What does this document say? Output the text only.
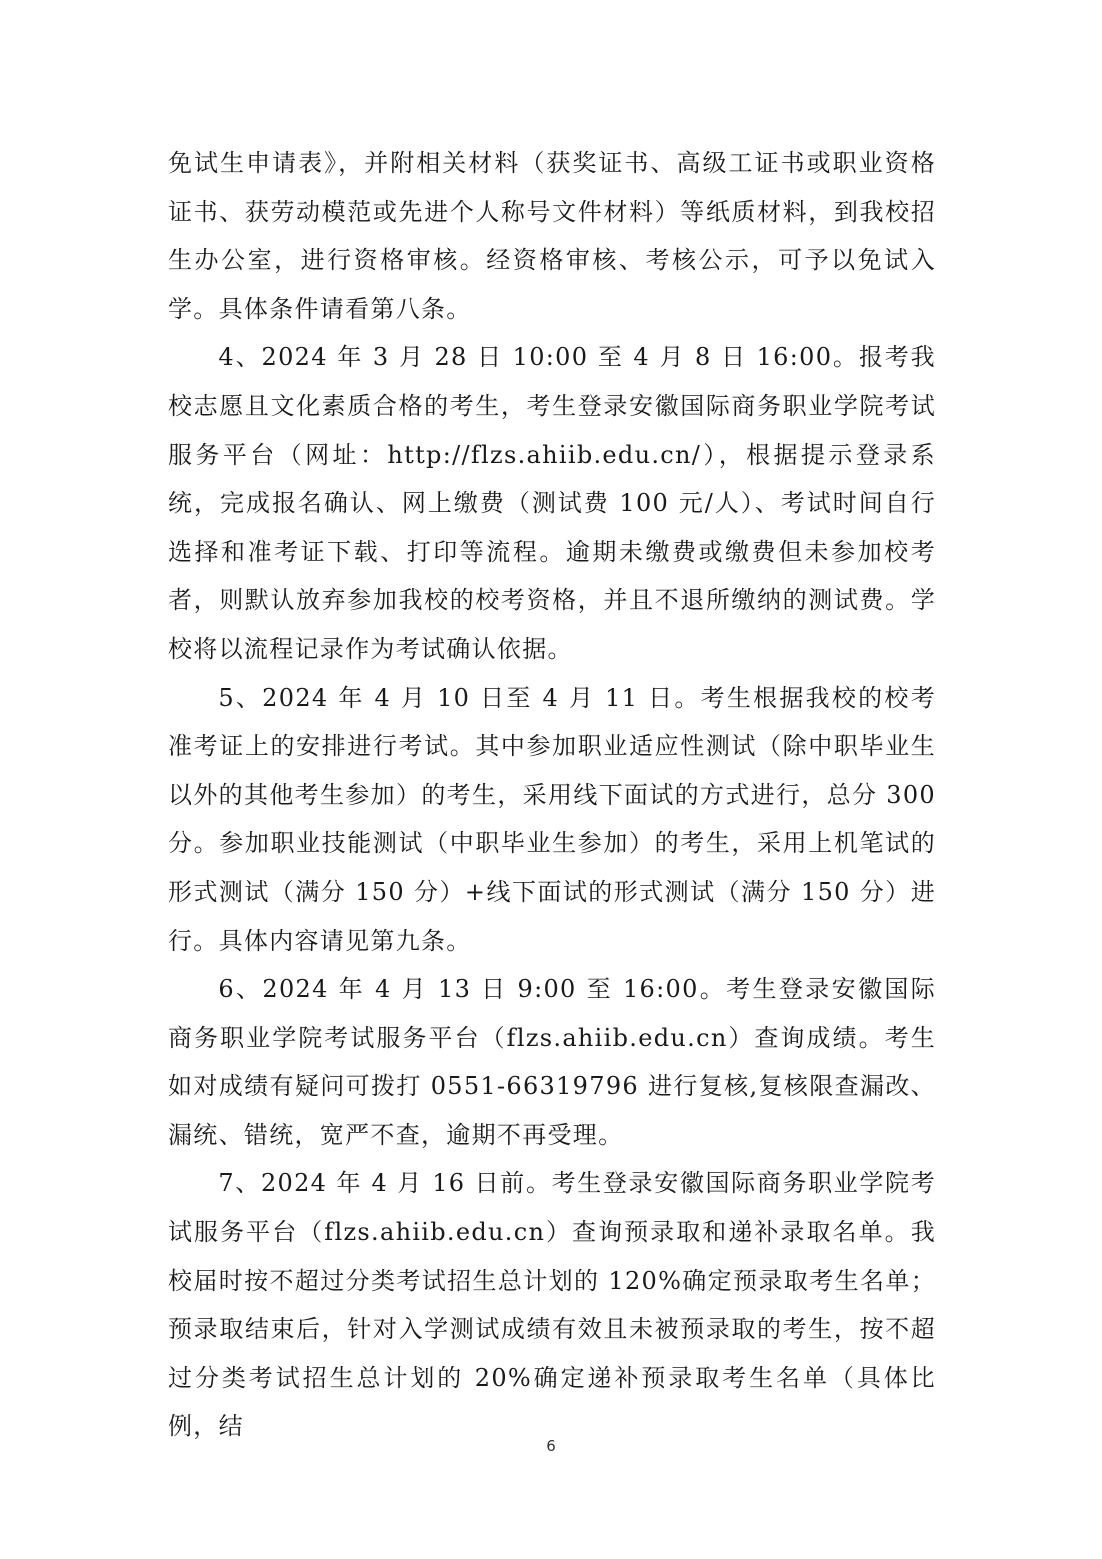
免试生申请表》，并附相关材料（获奖证书、高级工证书或职业资格证书、获劳动模范或先进个人称号文件材料）等纸质材料，到我校招生办公室，进行资格审核。经资格审核、考核公示，可予以免试入学。具体条件请看第八条。

4、2024 年 3 月 28 日 10:00 至 4 月 8 日 16:00。报考我校志愿且文化素质合格的考生，考生登录安徽国际商务职业学院考试服务平台（网址：http://flzs.ahiib.edu.cn/），根据提示登录系统，完成报名确认、网上缴费（测试费 100 元/人）、考试时间自行选择和准考证下载、打印等流程。逾期未缴费或缴费但未参加校考者，则默认放弃参加我校的校考资格，并且不退所缴纳的测试费。学校将以流程记录作为考试确认依据。

5、2024 年 4 月 10 日至 4 月 11 日。考生根据我校的校考准考证上的安排进行考试。其中参加职业适应性测试（除中职毕业生以外的其他考生参加）的考生，采用线下面试的方式进行，总分 300 分。参加职业技能测试（中职毕业生参加）的考生，采用上机笔试的形式测试（满分 150 分）+线下面试的形式测试（满分 150 分）进行。具体内容请见第九条。

6、2024 年 4 月 13 日 9:00 至 16:00。考生登录安徽国际商务职业学院考试服务平台（flzs.ahiib.edu.cn）查询成绩。考生如对成绩有疑问可拨打 0551-66319796 进行复核,复核限查漏改、漏统、错统，宽严不查，逾期不再受理。

7、2024 年 4 月 16 日前。考生登录安徽国际商务职业学院考试服务平台（flzs.ahiib.edu.cn）查询预录取和递补录取名单。我校届时按不超过分类考试招生总计划的 120%确定预录取考生名单；预录取结束后，针对入学测试成绩有效且未被预录取的考生，按不超过分类考试招生总计划的 20%确定递补预录取考生名单（具体比例，结

6
